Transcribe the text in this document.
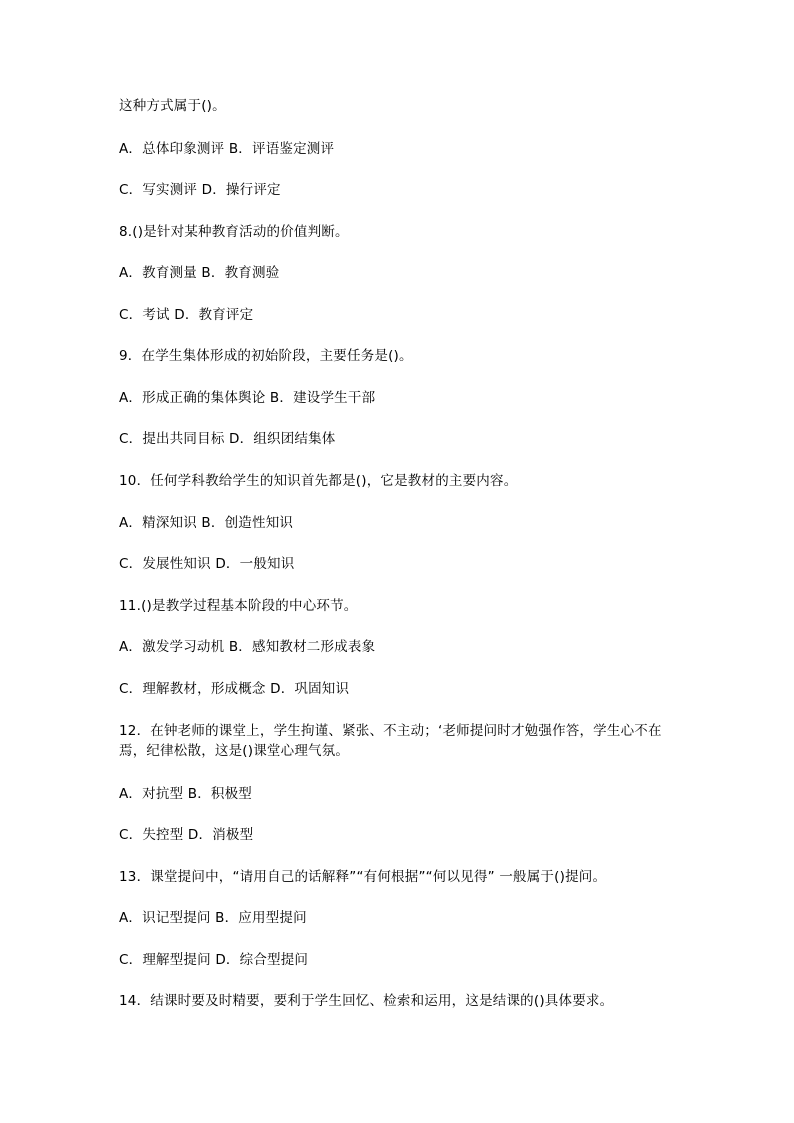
这种方式属于()。
A．总体印象测评 B．评语鉴定测评
C．写实测评 D．操行评定
8.()是针对某种教育活动的价值判断。
A．教育测量 B．教育测验
C．考试 D．教育评定
9．在学生集体形成的初始阶段，主要任务是()。
A．形成正确的集体舆论 B．建设学生干部
C．提出共同目标 D．组织团结集体
10．任何学科教给学生的知识首先都是()，它是教材的主要内容。
A．精深知识 B．创造性知识
C．发展性知识 D．一般知识
11.()是教学过程基本阶段的中心环节。
A．激发学习动机 B．感知教材二形成表象
C．理解教材，形成概念 D．巩固知识
12．在钟老师的课堂上，学生拘谨、紧张、不主动；‘老师提问时才勉强作答，学生心不在焉，纪律松散，这是()课堂心理气氛。
A．对抗型 B．积极型
C．失控型 D．消极型
13．课堂提问中，“请用自己的话解释”“有何根据”“何以见得” 一般属于()提问。
A．识记型提问 B．应用型提问
C．理解型提问 D．综合型提问
14．结课时要及时精要，要利于学生回忆、检索和运用，这是结课的()具体要求。
